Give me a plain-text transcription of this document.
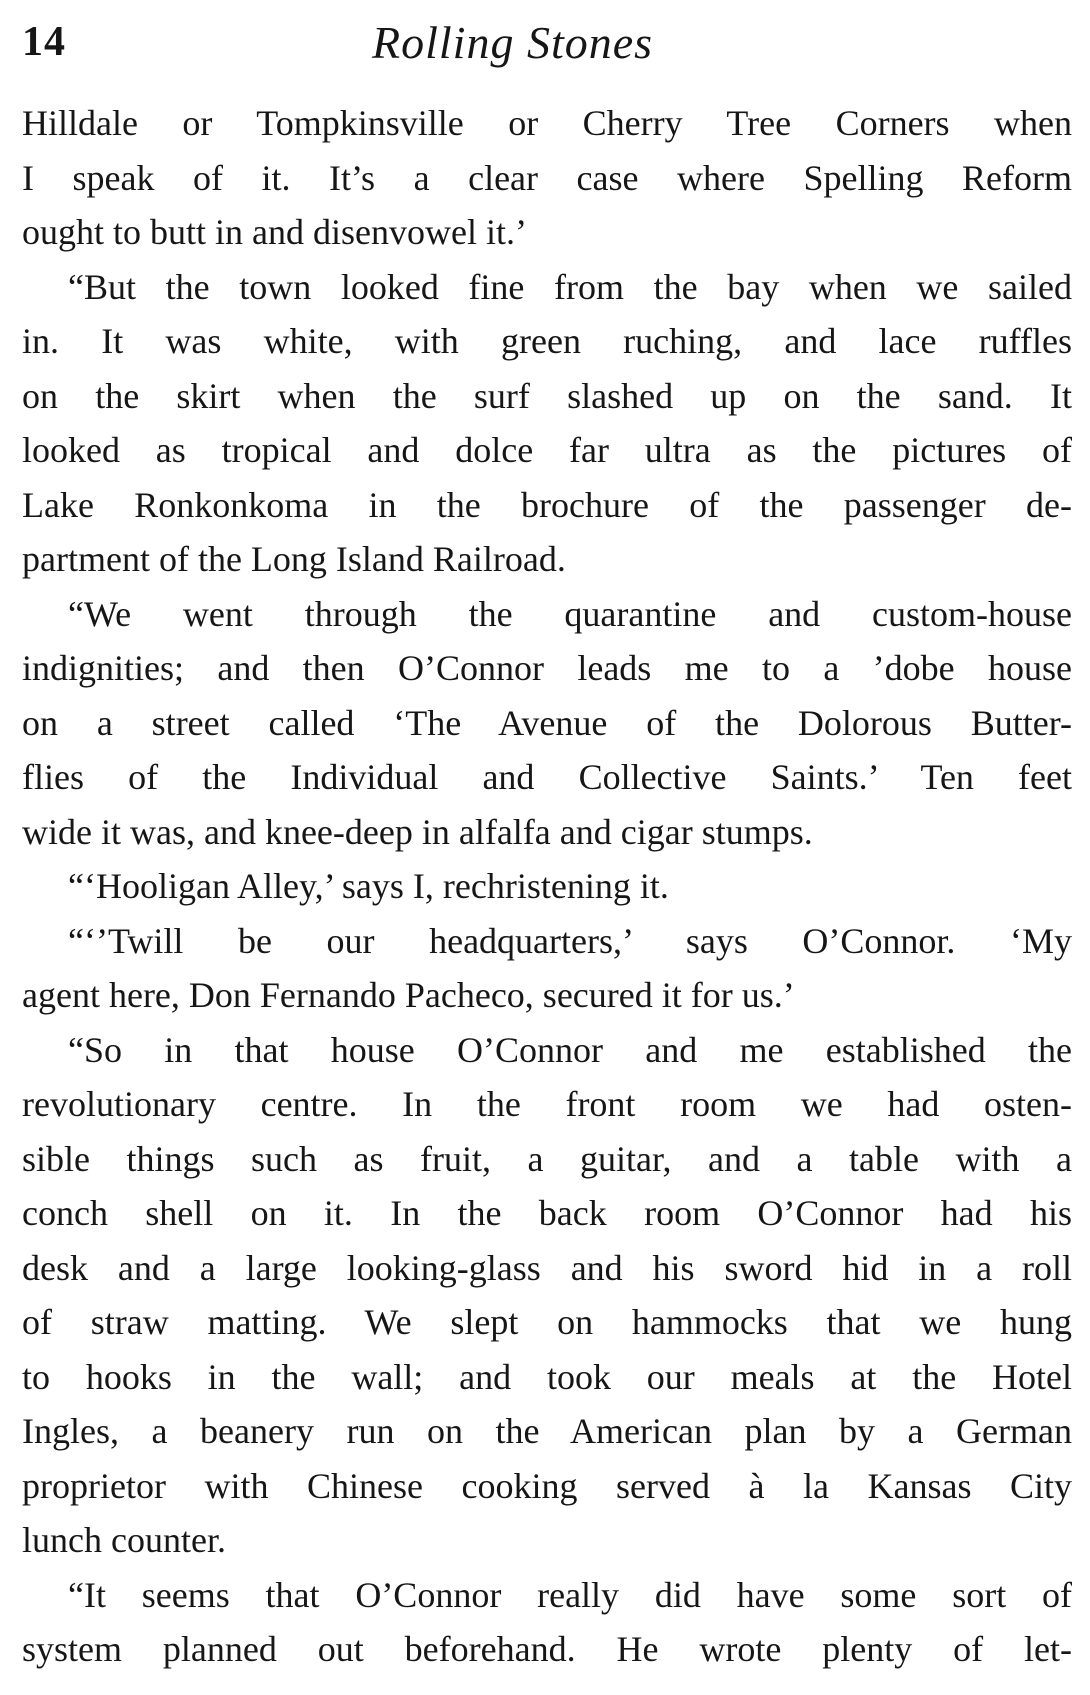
14	Rolling Stones
Hilldale or Tompkinsville or Cherry Tree Corners when
I speak of it. It’s a clear case where Spelling Reform
ought to butt in and disenvowel it.’
“But the town looked fine from the bay when we sailed
in. It was white, with green ruching, and lace ruffles
on the skirt when the surf slashed up on the sand. It
looked as tropical and dolce far ultra as the pictures of
Lake Ronkonkoma in the brochure of the passenger de-
partment of the Long Island Railroad.
“We went through the quarantine and custom-house
indignities; and then O’Connor leads me to a ’dobe house
on a street called ‘The Avenue of the Dolorous Butter-
flies of the Individual and Collective Saints.’ Ten feet
wide it was, and knee-deep in alfalfa and cigar stumps.
“‘Hooligan Alley,’ says I, rechristening it.
“‘’Twill be our headquarters,’ says O’Connor. ‘My
agent here, Don Fernando Pacheco, secured it for us.’
“So in that house O’Connor and me established the
revolutionary centre. In the front room we had osten-
sible things such as fruit, a guitar, and a table with a
conch shell on it. In the back room O’Connor had his
desk and a large looking-glass and his sword hid in a roll
of straw matting. We slept on hammocks that we hung
to hooks in the wall; and took our meals at the Hotel
Ingles, a beanery run on the American plan by a German
proprietor with Chinese cooking served à la Kansas City
lunch counter.
“It seems that O’Connor really did have some sort of
system planned out beforehand. He wrote plenty of let-
